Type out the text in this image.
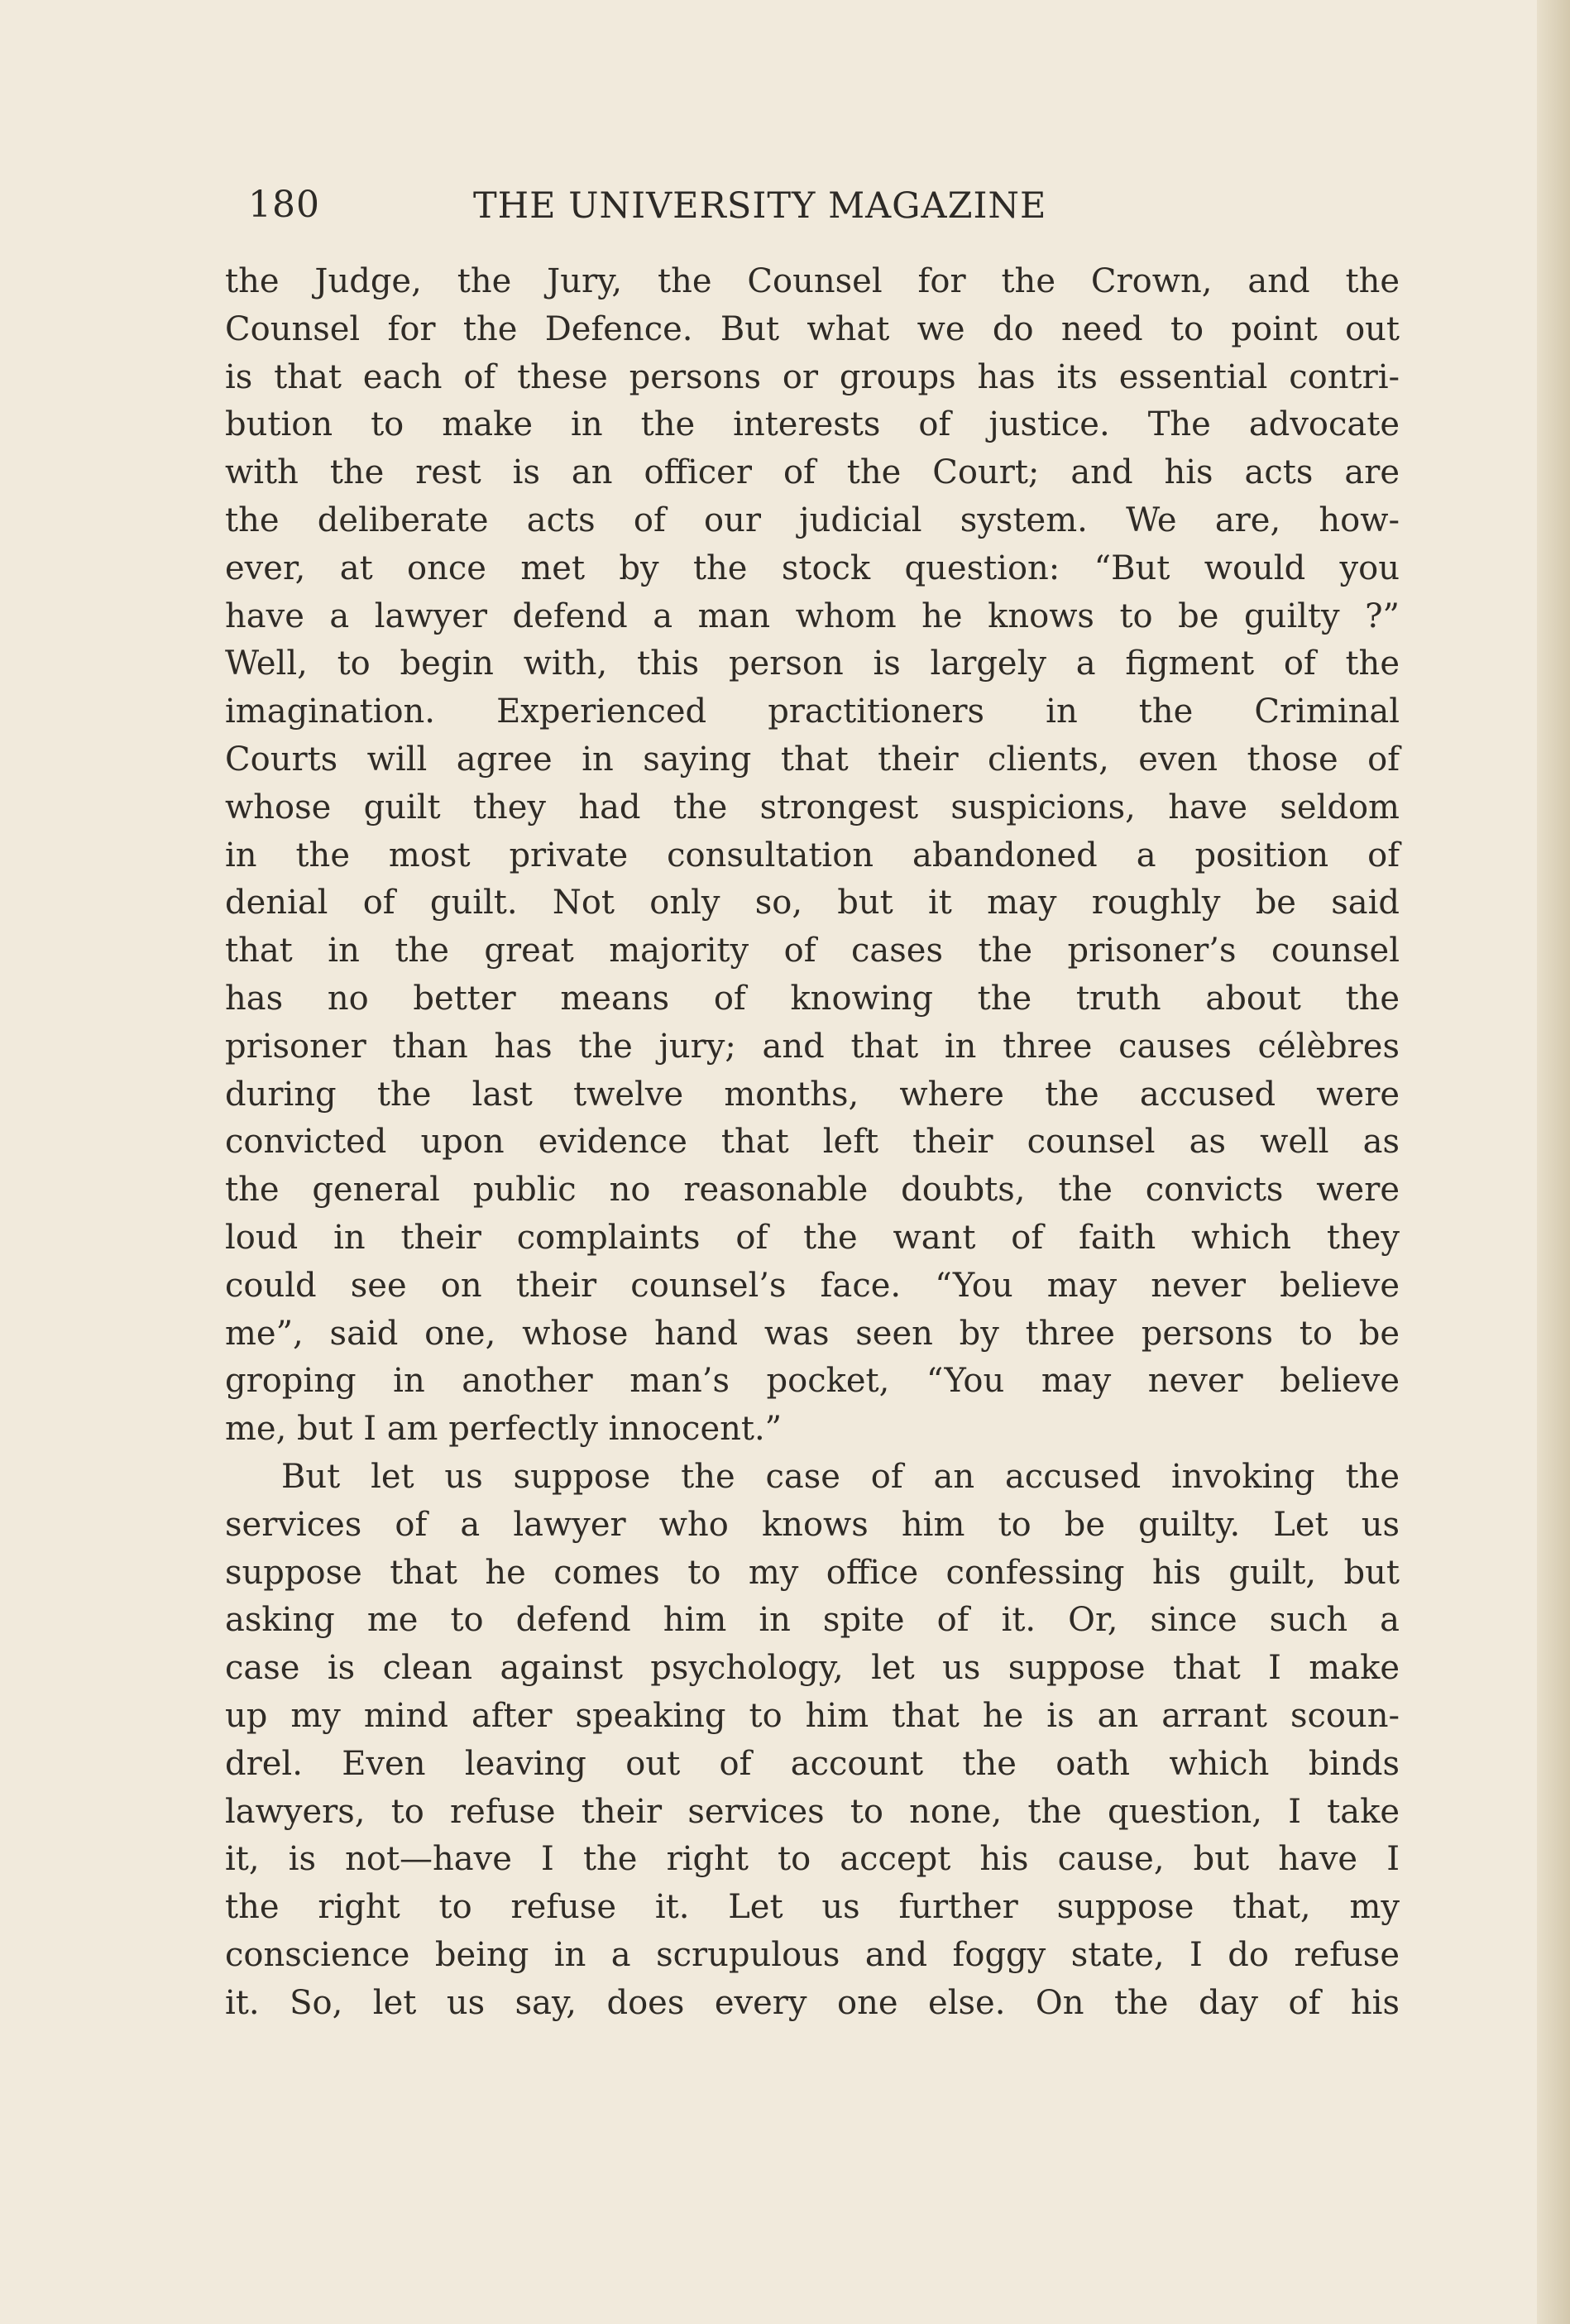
180	THE UNIVERSITY MAGAZINE
the Judge, the Jury, the Counsel for the Crown, and the
Counsel for the Defence. But what we do need to point out
is that each of these persons or groups has its essential contri-
bution to make in the interests of justice. The advocate
with the rest is an officer of the Court; and his acts are
the deliberate acts of our judicial system. We are, how-
ever, at once met by the stock question: “But would you
have a lawyer defend a man whom he knows to be guilty ?”
Well, to begin with, this person is largely a figment of the
imagination. Experienced practitioners in the Criminal
Courts will agree in saying that their clients, even those of
whose guilt they had the strongest suspicions, have seldom
in the most private consultation abandoned a position of
denial of guilt. Not only so, but it may roughly be said
that in the great majority of cases the prisoner’s counsel
has no better means of knowing the truth about the
prisoner than has the jury; and that in three causes célèbres
during the last twelve months, where the accused were
convicted upon evidence that left their counsel as well as
the general public no reasonable doubts, the convicts were
loud in their complaints of the want of faith which they
could see on their counsel’s face. “You may never believe
me”, said one, whose hand was seen by three persons to be
groping in another man’s pocket, “You may never believe
me, but I am perfectly innocent.”
But let us suppose the case of an accused invoking the
services of a lawyer who knows him to be guilty. Let us
suppose that he comes to my office confessing his guilt, but
asking me to defend him in spite of it. Or, since such a
case is clean against psychology, let us suppose that I make
up my mind after speaking to him that he is an arrant scoun-
drel. Even leaving out of account the oath which binds
lawyers, to refuse their services to none, the question, I take
it, is not—have I the right to accept his cause, but have I
the right to refuse it. Let us further suppose that, my
conscience being in a scrupulous and foggy state, I do refuse
it. So, let us say, does every one else. On the day of his
